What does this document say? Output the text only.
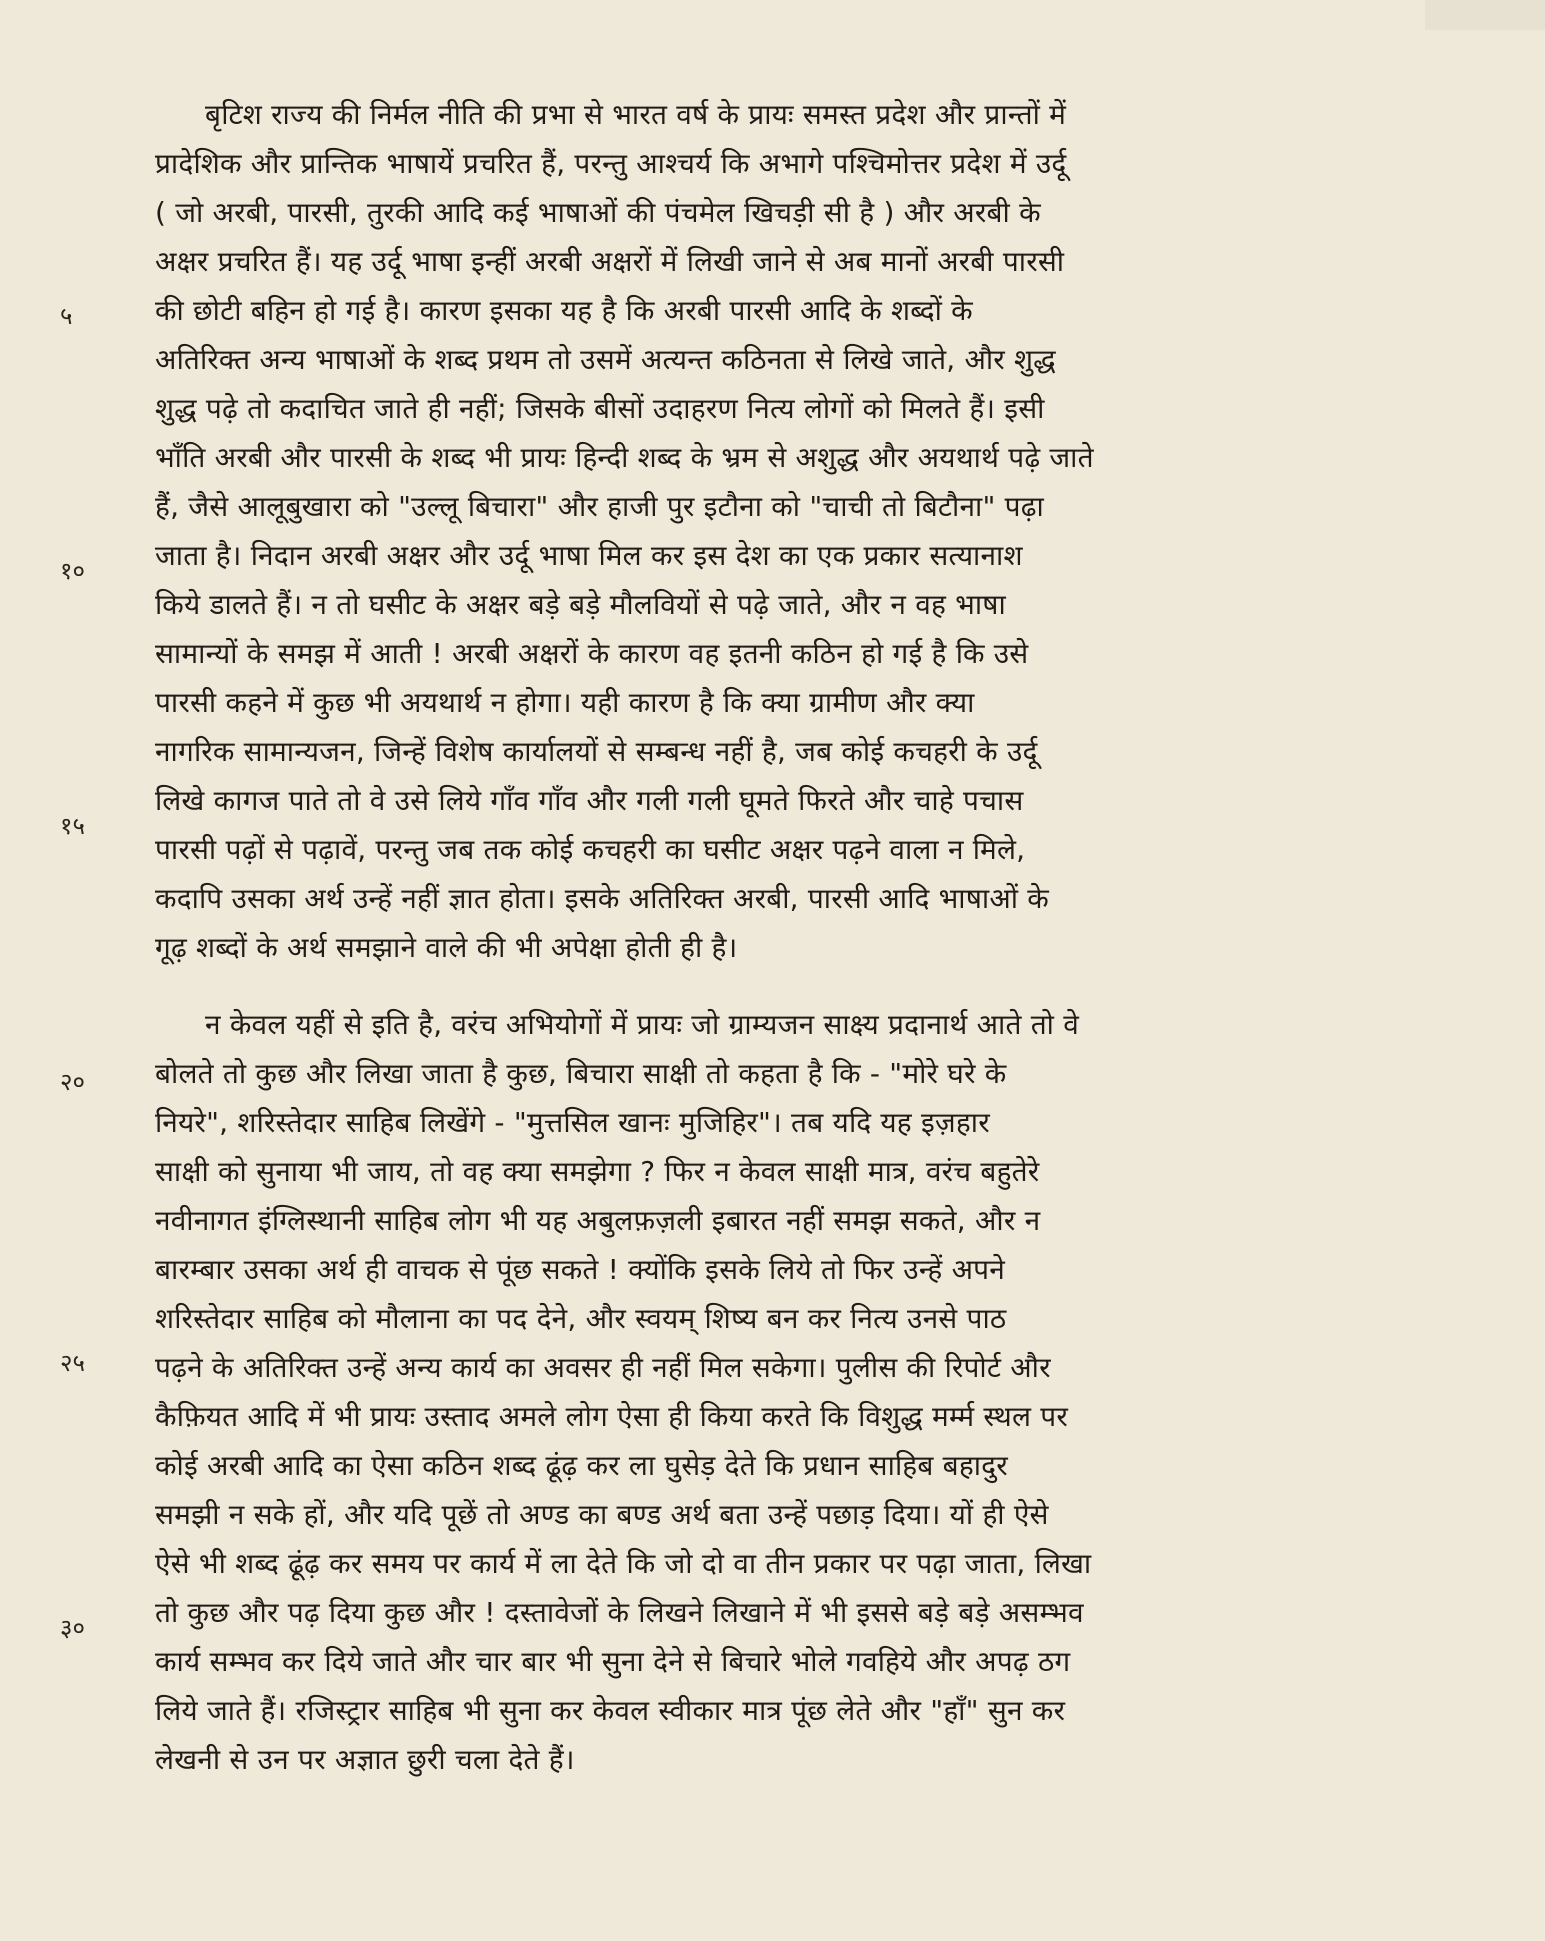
बृटिश राज्य की निर्मल नीति की प्रभा से भारत वर्ष के प्रायः समस्त प्रदेश और प्रान्तों में
प्रादेशिक और प्रान्तिक भाषायें प्रचरित हैं, परन्तु आश्चर्य कि अभागे पश्चिमोत्तर प्रदेश में उर्दू
( जो अरबी, पारसी, तुरकी आदि कई भाषाओं की पंचमेल खिचड़ी सी है ) और अरबी के
अक्षर प्रचरित हैं। यह उर्दू भाषा इन्हीं अरबी अक्षरों में लिखी जाने से अब मानों अरबी पारसी
की छोटी बहिन हो गई है। कारण इसका यह है कि अरबी पारसी आदि के शब्दों के
अतिरिक्त अन्य भाषाओं के शब्द प्रथम तो उसमें अत्यन्त कठिनता से लिखे जाते, और शुद्ध
शुद्ध पढ़े तो कदाचित जाते ही नहीं; जिसके बीसों उदाहरण नित्य लोगों को मिलते हैं। इसी
भाँति अरबी और पारसी के शब्द भी प्रायः हिन्दी शब्द के भ्रम से अशुद्ध और अयथार्थ पढ़े जाते
हैं, जैसे आलूबुखारा को "उल्लू बिचारा" और हाजी पुर इटौना को "चाची तो बिटौना" पढ़ा
जाता है। निदान अरबी अक्षर और उर्दू भाषा मिल कर इस देश का एक प्रकार सत्यानाश
किये डालते हैं। न तो घसीट के अक्षर बड़े बड़े मौलवियों से पढ़े जाते, और न वह भाषा
सामान्यों के समझ में आती ! अरबी अक्षरों के कारण वह इतनी कठिन हो गई है कि उसे
पारसी कहने में कुछ भी अयथार्थ न होगा। यही कारण है कि क्या ग्रामीण और क्या
नागरिक सामान्यजन, जिन्हें विशेष कार्यालयों से सम्बन्ध नहीं है, जब कोई कचहरी के उर्दू
लिखे कागज पाते तो वे उसे लिये गाँव गाँव और गली गली घूमते फिरते और चाहे पचास
पारसी पढ़ों से पढ़ावें, परन्तु जब तक कोई कचहरी का घसीट अक्षर पढ़ने वाला न मिले,
कदापि उसका अर्थ उन्हें नहीं ज्ञात होता। इसके अतिरिक्त अरबी, पारसी आदि भाषाओं के
गूढ़ शब्दों के अर्थ समझाने वाले की भी अपेक्षा होती ही है।
न केवल यहीं से इति है, वरंच अभियोगों में प्रायः जो ग्राम्यजन साक्ष्य प्रदानार्थ आते तो वे
बोलते तो कुछ और लिखा जाता है कुछ, बिचारा साक्षी तो कहता है कि - "मोरे घरे के
नियरे", शरिस्तेदार साहिब लिखेंगे - "मुत्तसिल खानः मुजिहिर"। तब यदि यह इज़हार
साक्षी को सुनाया भी जाय, तो वह क्या समझेगा ? फिर न केवल साक्षी मात्र, वरंच बहुतेरे
नवीनागत इंग्लिस्थानी साहिब लोग भी यह अबुलफ़ज़ली इबारत नहीं समझ सकते, और न
बारम्बार उसका अर्थ ही वाचक से पूंछ सकते ! क्योंकि इसके लिये तो फिर उन्हें अपने
शरिस्तेदार साहिब को मौलाना का पद देने, और स्वयम् शिष्य बन कर नित्य उनसे पाठ
पढ़ने के अतिरिक्त उन्हें अन्य कार्य का अवसर ही नहीं मिल सकेगा। पुलीस की रिपोर्ट और
कैफ़ियत आदि में भी प्रायः उस्ताद अमले लोग ऐसा ही किया करते कि विशुद्ध मर्म्म स्थल पर
कोई अरबी आदि का ऐसा कठिन शब्द ढूंढ़ कर ला घुसेड़ देते कि प्रधान साहिब बहादुर
समझी न सके हों, और यदि पूछें तो अण्ड का बण्ड अर्थ बता उन्हें पछाड़ दिया। यों ही ऐसे
ऐसे भी शब्द ढूंढ़ कर समय पर कार्य में ला देते कि जो दो वा तीन प्रकार पर पढ़ा जाता, लिखा
तो कुछ और पढ़ दिया कुछ और ! दस्तावेजों के लिखने लिखाने में भी इससे बड़े बड़े असम्भव
कार्य सम्भव कर दिये जाते और चार बार भी सुना देने से बिचारे भोले गवहिये और अपढ़ ठग
लिये जाते हैं। रजिस्ट्रार साहिब भी सुना कर केवल स्वीकार मात्र पूंछ लेते और "हाँ" सुन कर
लेखनी से उन पर अज्ञात छुरी चला देते हैं।
५
१०
१५
२०
२५
३०
